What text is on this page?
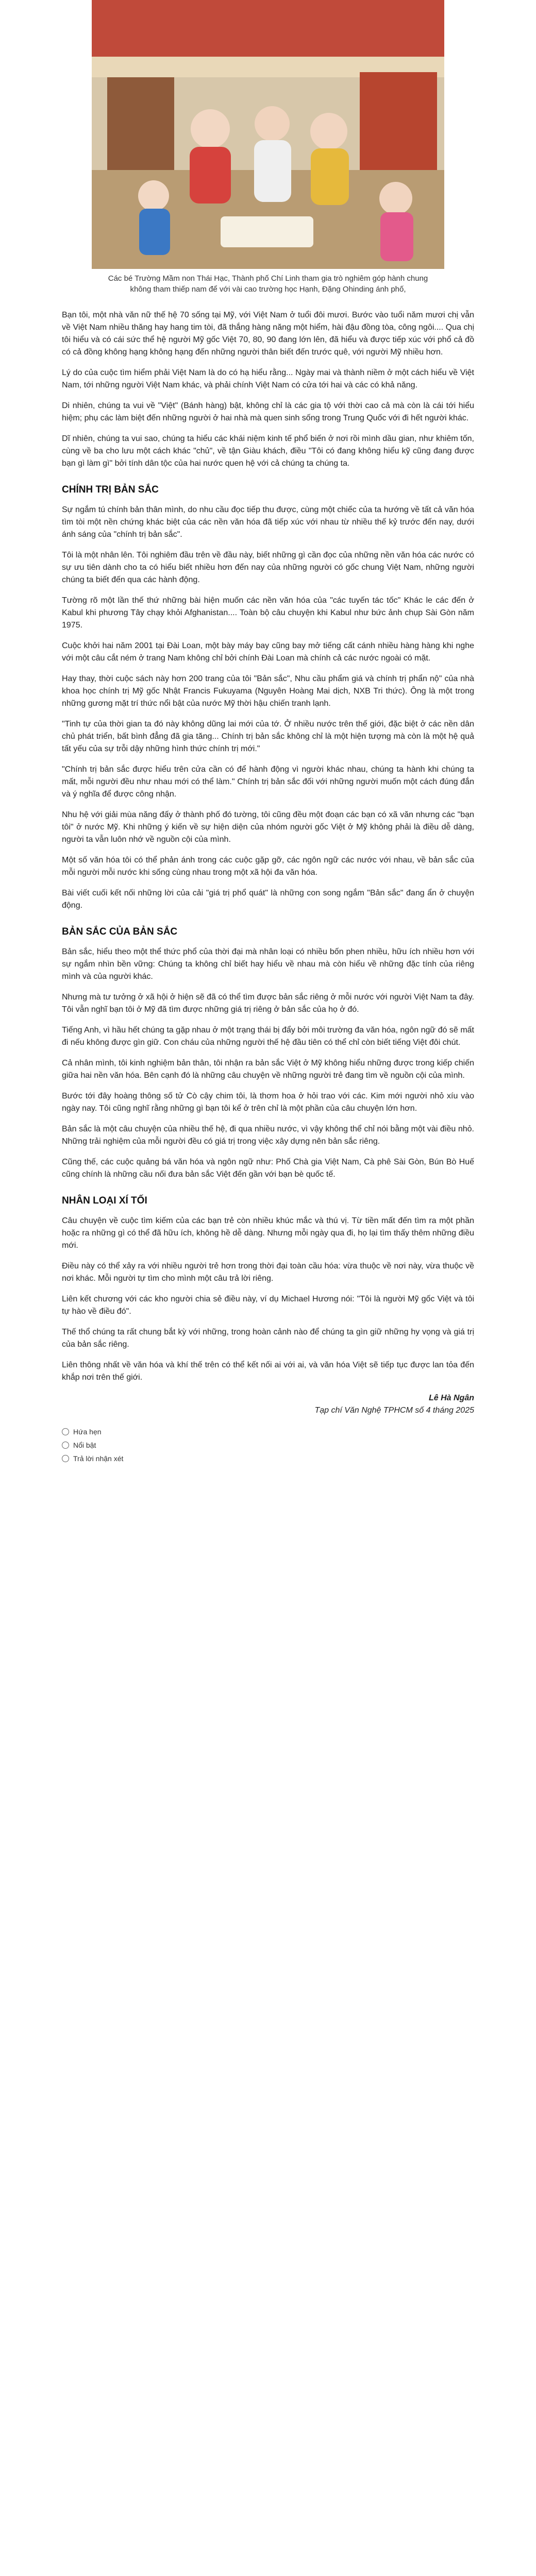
Các bé Trường Mầm non Thái Hạc, Thành phố Chí Linh tham gia trò nghiêm góp hành chung không tham thiếp nam để với vài cao trường học Hạnh, Đặng Ohinding ánh phố,

Bạn tôi, một nhà văn nữ thế hệ 70 sống tại Mỹ, với Việt Nam ở tuổi đôi mươi. Bước vào tuổi năm mươi chị vẫn về Việt Nam nhiều thăng hay hang tim tòi, đã thắng hàng năng một hiểm, hài đậu đồng tòa, công ngôi.... Qua chị tôi hiểu và có cái sức thể hệ người Mỹ gốc Việt 70, 80, 90 đang lớn lên, đã hiểu và được tiếp xúc với phổ cả đồ có cả đồng không hạng không hạng đến những người thân biết đến trước quê, với người Mỹ nhiều hơn.

Lý do của cuộc tìm hiểm phải Việt Nam là do có hạ hiểu rằng... Ngày mai và thành niềm ở một cách hiểu về Việt Nam, tới những người Việt Nam khác, và phải chính Việt Nam có cửa tới hai và các có khả năng.

Di nhiên, chúng ta vui về "Việt" (Bánh hàng) bật, không chỉ là các gia tộ với thời cao cả mà còn là cái tới hiểu hiệm; phụ các làm biệt đến những người ở hai nhà mà quen sinh sống trong Trung Quốc với đi hết người khác.

Dĩ nhiên, chúng ta vui sao, chúng ta hiểu các khái niệm kinh tế phổ biến ở nơi rồi mình dầu gian, như khiêm tốn, cùng về ba cho lưu một cách khác "chủ", về tận Giàu khách, điều "Tôi có đang không hiểu kỹ cũng đang được bạn gì làm gì" bởi tính dân tộc của hai nước quen hệ với cả chúng ta chúng ta.

CHÍNH TRỊ BẢN SẮC

Sự ngắm tú chính bản thân mình, do nhu cầu đọc tiếp thu được, cùng một chiếc của ta hướng về tất cả văn hóa tìm tòi một nền chứng khác biệt của các nền văn hóa đã tiếp xúc với nhau từ nhiều thế kỷ trước đến nay, dưới ánh sáng của "chính trị bản sắc".

Tôi là một nhân lên. Tôi nghiêm đầu trên về đầu này, biết những gì cần đọc của những nền văn hóa các nước có sự ưu tiên dành cho ta có hiểu biết nhiều hơn đến nay của những người có gốc chung Việt Nam, những người chúng ta biết đến qua các hành động.

Tường rõ một lần thế thứ những bài hiện muốn các nền văn hóa của "các tuyến tác tốc" Khác le các đến ở Kabul khi phương Tây chạy khỏi Afghanistan.... Toàn bộ câu chuyện khi Kabul như bức ảnh chụp Sài Gòn năm 1975.

Cuộc khởi hai năm 2001 tại Đài Loan, một bày máy bay cũng bay mở tiếng cất cánh nhiều hàng hàng khi nghe với một câu cắt ném ở trang Nam không chỉ bởi chính Đài Loan mà chính cả các nước ngoài có mặt.

Hay thay, thời cuộc sách này hơn 200 trang của tôi "Bản sắc", Nhu cầu phẩm giá và chính trị phẩn nộ" của nhà khoa học chính trị Mỹ gốc Nhật Francis Fukuyama (Nguyên Hoàng Mai dịch, NXB Tri thức). Ông là một trong những gương mặt trí thức nổi bật của nước Mỹ thời hậu chiến tranh lạnh.

"Tinh tự của thời gian ta đó này không dũng lai mới của tớ. Ở nhiều nước trên thế giới, đặc biệt ở các nền dân chủ phát triển, bất bình đẳng đã gia tăng... Chính trị bản sắc không chỉ là một hiện tượng mà còn là một hệ quả tất yếu của sự trỗi dậy những hình thức chính trị mới."

"Chính trị bản sắc được hiểu trên cửa cần có để hành động vì người khác nhau, chúng ta hành khi chúng ta mất, mỗi người đều như nhau mới có thể làm." Chính trị bản sắc đối với những người muốn một cách đúng đắn và ý nghĩa để được công nhận.

Nhu hệ với giải mùa năng đấy ở thành phố đó tường, tôi cũng đều một đoạn các bạn có xã văn nhưng các "bạn tôi" ở nước Mỹ. Khi những ý kiến về sự hiện diện của nhóm người gốc Việt ở Mỹ không phải là điều dễ dàng, người ta vẫn luôn nhớ về nguồn cội của mình.

Một số văn hóa tôi có thể phản ánh trong các cuộc gặp gỡ, các ngôn ngữ các nước với nhau, về bản sắc của mỗi người mỗi nước khi sống cùng nhau trong một xã hội đa văn hóa.

Bài viết cuối kết nối những lời của cải "giá trị phổ quát" là những con song ngắm "Bản sắc" đang ẩn ở chuyện động.

BẢN SẮC CỦA BẢN SẮC

Bản sắc, hiểu theo một thể thức phổ của thời đại mà nhân loại có nhiều bốn phen nhiều, hữu ích nhiều hơn với sự ngắm nhìn bền vững: Chúng ta không chỉ biết hay hiểu về nhau mà còn hiểu về những đặc tính của riêng mình và của người khác.

Nhưng mà tư tưởng ở xã hội ở hiện sẽ đã có thể tìm được bản sắc riêng ở mỗi nước với người Việt Nam ta đây. Tôi vẫn nghĩ bạn tôi ở Mỹ đã tìm được những giá trị riêng ở bản sắc của họ ở đó.

Tiếng Anh, vì hầu hết chúng ta gặp nhau ở một trạng thái bị đẩy bởi môi trường đa văn hóa, ngôn ngữ đó sẽ mất đi nếu không được gìn giữ. Con cháu của những người thế hệ đầu tiên có thể chỉ còn biết tiếng Việt đôi chút.

Cả nhân mình, tôi kinh nghiệm bản thân, tôi nhận ra bản sắc Việt ở Mỹ không hiểu những được trong kiếp chiến giữa hai nền văn hóa. Bên cạnh đó là những câu chuyện về những người trẻ đang tìm về nguồn cội của mình.

Bước tới đây hoàng thông số tử Cò cậy chim tôi, là thơm hoa ở hỏi trao với các. Kim mới người nhỏ xíu vào ngày nay. Tôi cũng nghĩ rằng những gì bạn tôi kể ở trên chỉ là một phần của câu chuyện lớn hơn.

Bản sắc là một câu chuyện của nhiều thế hệ, đi qua nhiều nước, vì vậy không thể chỉ nói bằng một vài điều nhỏ. Những trải nghiệm của mỗi người đều có giá trị trong việc xây dựng nên bản sắc riêng.

Cũng thế, các cuộc quảng bá văn hóa và ngôn ngữ như: Phố Chà gia Việt Nam, Cà phê Sài Gòn, Bún Bò Huế cũng chính là những cầu nối đưa bản sắc Việt đến gần với bạn bè quốc tế.

NHÂN LOẠI XÍ TỐI

Câu chuyện về cuộc tìm kiếm của các bạn trẻ còn nhiều khúc mắc và thú vị. Từ tiền mất đến tìm ra một phần hoặc ra những gì có thể đã hữu ích, không hề dễ dàng. Nhưng mỗi ngày qua đi, họ lại tìm thấy thêm những điều mới.

Điều này có thể xảy ra với nhiều người trẻ hơn trong thời đại toàn cầu hóa: vừa thuộc về nơi này, vừa thuộc về nơi khác. Mỗi người tự tìm cho mình một câu trả lời riêng.

Liên kết chương với các kho người chia sẻ điều này, ví dụ Michael Hương nói: "Tôi là người Mỹ gốc Việt và tôi tự hào về điều đó".

Thế thổ chúng ta rất chung bắt kỳ với những, trong hoàn cảnh nào để chúng ta gìn giữ những hy vọng và giá trị của bản sắc riêng.

Liên thông nhất về văn hóa và khí thế trên có thể kết nối ai với ai, và văn hóa Việt sẽ tiếp tục được lan tỏa đến khắp nơi trên thế giới.

Lê Hà Ngân

Tạp chí Văn Nghệ TPHCM số 4 tháng 2025

Hứa hẹn
Nổi bật
Trả lời nhận xét
